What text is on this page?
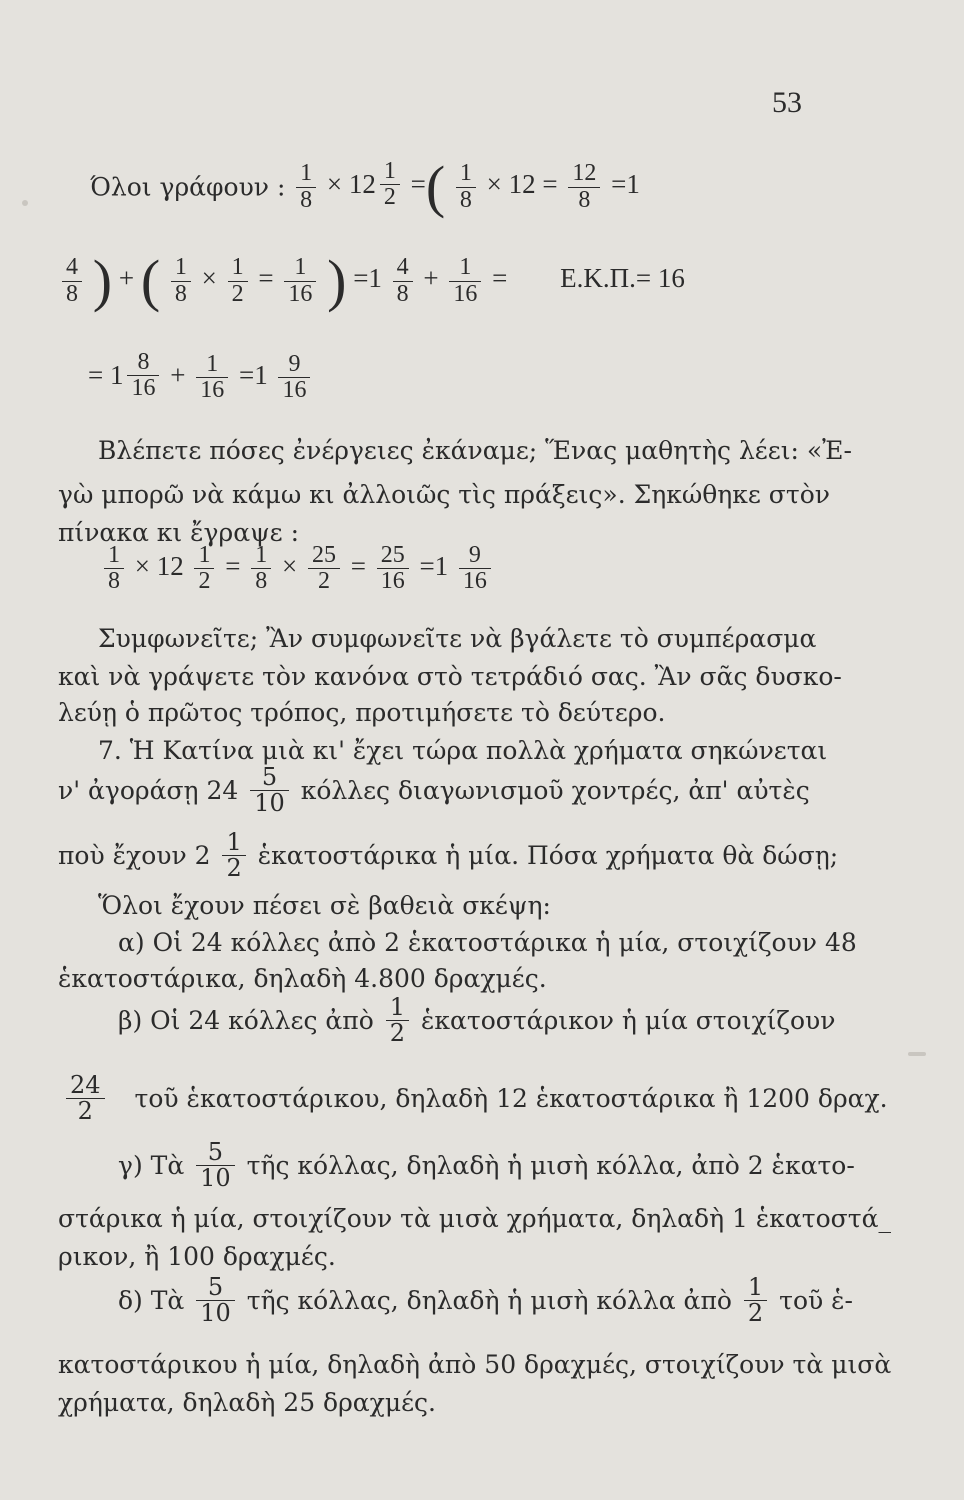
53
Όλοι γράφουν : $\frac{1}{8} \times 12$ 1
2 =( $\frac{1}{8} \times 12 = \frac{12}{8} =1$
$\frac{4}{8}$ ) + ( $\frac{1}{8} \times \frac{1}{2} = \frac{1}{16}$ ) $=1 \frac{4}{8} + \frac{1}{16} = E.K.\Pi.= 16$
= 1 8
$16 + \frac{1}{16} =1 \frac{9}{16}$
Βλέπετε πόσες ἐνέργειες ἐκάναμε; Ἕνας μαθητὴς λέει: «Ἐ-
γὼ μπορῶ νὰ κάμω κι ἀλλοιῶς τὶς πράξεις». Σηκώθηκε στὸν
πίνακα κι ἔγραψε :
$\frac{1}{8} \times 12 \frac{1}{2} = \frac{1}{8} \times \frac{25}{2} = \frac{25}{16} =1 \frac{9}{16}$
Συμφωνεῖτε; Ἂν συμφωνεῖτε νὰ βγάλετε τὸ συμπέρασμα
καὶ νὰ γράψετε τὸν κανόνα στὸ τετράδιό σας. Ἂν σᾶς δυσκο-
λεύῃ ὁ πρῶτος τρόπος, προτιμήσετε τὸ δεύτερο.
7. Ἡ Κατίνα μιὰ κι' ἔχει τώρα πολλὰ χρήματα σηκώνεται
ν' ἀγοράσῃ $24 \frac{5}{10}$ κόλλες διαγωνισμοῦ χοντρές, ἀπ' αὐτὲς
ποὺ ἔχουν $2 \frac{1}{2}$ ἑκατοστάρικα ἡ μία. Πόσα χρήματα θὰ δώσῃ;
Ὅλοι ἔχουν πέσει σὲ βαθειὰ σκέψη:
α) Οἱ 24 κόλλες ἀπὸ 2 ἑκατοστάρικα ἡ μία, στοιχίζουν 48
ἑκατοστάρικα, δηλαδὴ 4.800 δραχμές.
β) Οἱ 24 κόλλες ἀπὸ $\frac{1}{2}$ ἑκατοστάρικον ἡ μία στοιχίζουν
$\frac{24}{2}$ τοῦ ἑκατοστάρικου, δηλαδὴ 12 ἑκατοστάρικα ἢ 1200 δραχ.
γ) Τὰ $\frac{5}{10}$ τῆς κόλλας, δηλαδὴ ἡ μισὴ κόλλα, ἀπὸ 2 ἑκατο-
στάρικα ἡ μία, στοιχίζουν τὰ μισὰ χρήματα, δηλαδὴ 1 ἑκατοστά_
ρικον, ἢ 100 δραχμές.
δ) Τὰ $\frac{5}{10}$ τῆς κόλλας, δηλαδὴ ἡ μισὴ κόλλα ἀπὸ $\frac{1}{2}$ τοῦ ἑ-
κατοστάρικου ἡ μία, δηλαδὴ ἀπὸ 50 δραχμές, στοιχίζουν τὰ μισὰ
χρήματα, δηλαδὴ 25 δραχμές.
